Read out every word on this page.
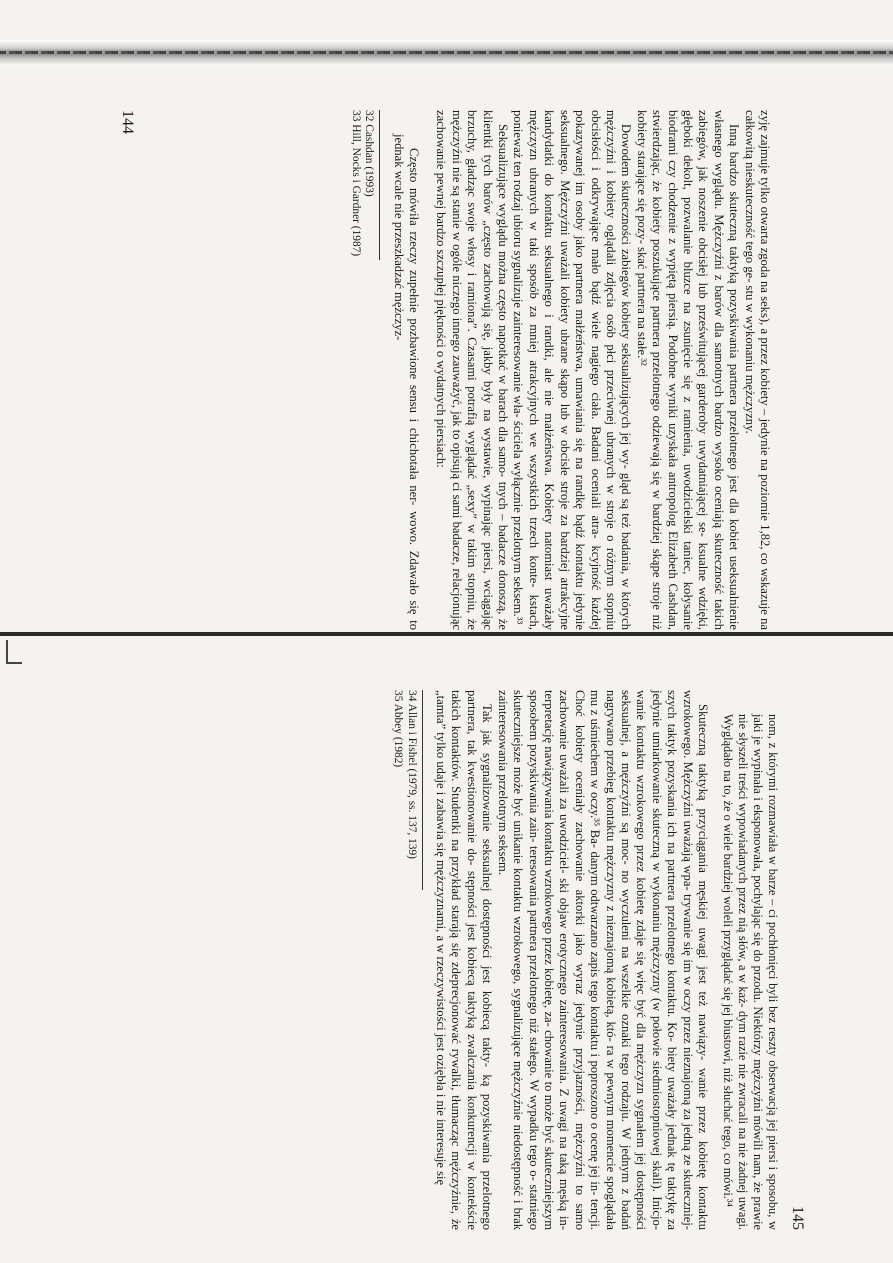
zyję zajmuje tylko otwarta zgoda na seks), a przez kobiety – jedynie na poziomie 1,82, co wskazuje na całkowitą nieskuteczność tego ge- stu w wykonaniu mężczyzny.

Inną bardzo skuteczną taktyką pozyskiwania partnera przelotnego jest dla kobiet useksualnienie własnego wyglądu. Mężczyźni z barów dla samotnych bardzo wysoko oceniają skuteczność takich zabiegów, jak noszenie obcisłej lub prześwitującej garderoby uwydatniającej se- ksualne wdzięki, głęboki dekolt, pozwalanie bluzce na zsunięcie się z ramienia, uwodzicielski taniec, kołysanie biodrami czy chodzenie z wypiętą piersią. Podobne wyniki uzyskała antropolog Elizabeth Cashdan, stwierdzając, że kobiety poszukujące partnera przelotnego odziewają się w bardziej skąpe stroje niż kobiety starające się pozy- skać partnera na stałe.³²

Dowodem skuteczności zabiegów kobiety seksualizujących jej wy- gląd są też badania, w których mężczyźni i kobiety oglądali zdjęcia osób płci przeciwnej ubranych w stroje o różnym stopniu obcisłości i odkrywające mało bądź wiele nagiego ciała. Badani oceniali atra- kcyjność każdej pokazywanej im osoby jako partnera małżeństwa, umawiania się na randkę bądź kontaktu jedynie seksualnego. Mężczyźni uważali kobiety ubrane skąpo lub w obcisłe stroje za bardziej atrakcyjne kandydatki do kontaktu seksualnego i randki, ale nie małżeństwa. Kobiety natomiast uważały mężczyzn ubranych w taki sposób za mniej atrakcyjnych we wszystkich trzech konte- kstach, ponieważ ten rodzaj ubioru sygnalizuje zainteresowanie wła- ściciela wyłącznie przelotnym seksem.³³

Seksualizujące wyglądu można często napotkać w barach dla samo- tnych – badacze donoszą, że klientki tych barów „często zachowują się, jakby były na wystawie, wypinając piersi, wciągając brzuchy, gładząc swoje włosy i ramiona”. Czasami potrafią wyglądać „sexy” w takim stopniu, że mężczyźni nie są stanie w ogóle niczego innego zauważyć, jak to opisują ci sami badacze, relacjonując zachowanie pewnej bardzo szczupłej piękności o wydatnych piersiach:

Często mówiła rzeczy zupełnie pozbawione sensu i chichotała ner- wowo. Zdawało się to jednak wcale nie przeszkadzać mężczyz-

32 Cashdan (1993)
33 Hill, Nocks i Gardner (1987)
144
nom, z którymi rozmawiała w barze – ci pochłonięci byli bez reszty obserwacją jej piersi i sposobu, w jaki je wypinała i eksponowała, pochylając się do przodu. Niektórzy mężczyźni mówili nam, że prawie nie słyszeli treści wypowiadanych przez nią słów, a w każ- dym razie nie zwracali na nie żadnej uwagi. Wyglądało na to, że o wiele bardziej woleli przyglądać się jej biustowi, niż słuchać tego, co mówi.³⁴

Skuteczną taktyką przyciągania męskiej uwagi jest też nawiązy- wanie przez kobietę kontaktu wzrokowego. Mężczyźni uważają wpa- trywanie się im w oczy przez nieznajomą za jedną ze skuteczniej- szych taktyk pozyskania ich na partnera przelotnego kontaktu. Ko- biety uważały jednak tę taktykę za jedynie umiarkowanie skuteczną w wykonaniu mężczyzny (w połowie siedmiostopniowej skali). Inicjo- wanie kontaktu wzrokowego przez kobietę zdaje się więc być dla mężczyzn sygnałem jej dostępności seksualnej, a mężczyźni są moc- no wyczuleni na wszelkie oznaki tego rodzaju. W jednym z badań nagrywano przebieg kontaktu mężczyzny z nieznajomą kobietą, któ- ra w pewnym momencie spoglądała mu z uśmiechem w oczy.³⁵ Ba- danym odtwarzano zapis tego kontaktu i poproszono o ocenę jej in- tencji. Choć kobiety oceniały zachowanie aktorki jako wyraz jedynie przyjazności, mężczyźni to samo zachowanie uważali za uwodziciel- ski objaw erotycznego zainteresowania. Z uwagi na taką męską in- terpretację nawiązywania kontaktu wzrokowego przez kobietę, za- chowanie to może być skuteczniejszym sposobem pozyskiwania zain- teresowania partnera przelotnego niż stałego. W wypadku tego o- statniego skuteczniejsze może być unikanie kontaktu wzrokowego, sygnalizujące mężczyźnie niedostępność i brak zainteresowania przelotnym seksem.

Tak jak sygnalizowanie seksualnej dostępności jest kobiecą takty- ką pozyskiwania przelotnego partnera, tak kwestionowanie do- stępności jest kobiecą taktyką zwalczania konkurencji w kontekście takich kontaktów. Studentki na przykład starają się zdeprecjonować rywalki, tłumacząc mężczyźnie, że „tamta” tylko udaje i zabawia się mężczyznami, a w rzeczywistości jest oziębła i nie interesuje się

34 Allan i Fishel (1979, ss. 137, 139)
35 Abbey (1982)
145
